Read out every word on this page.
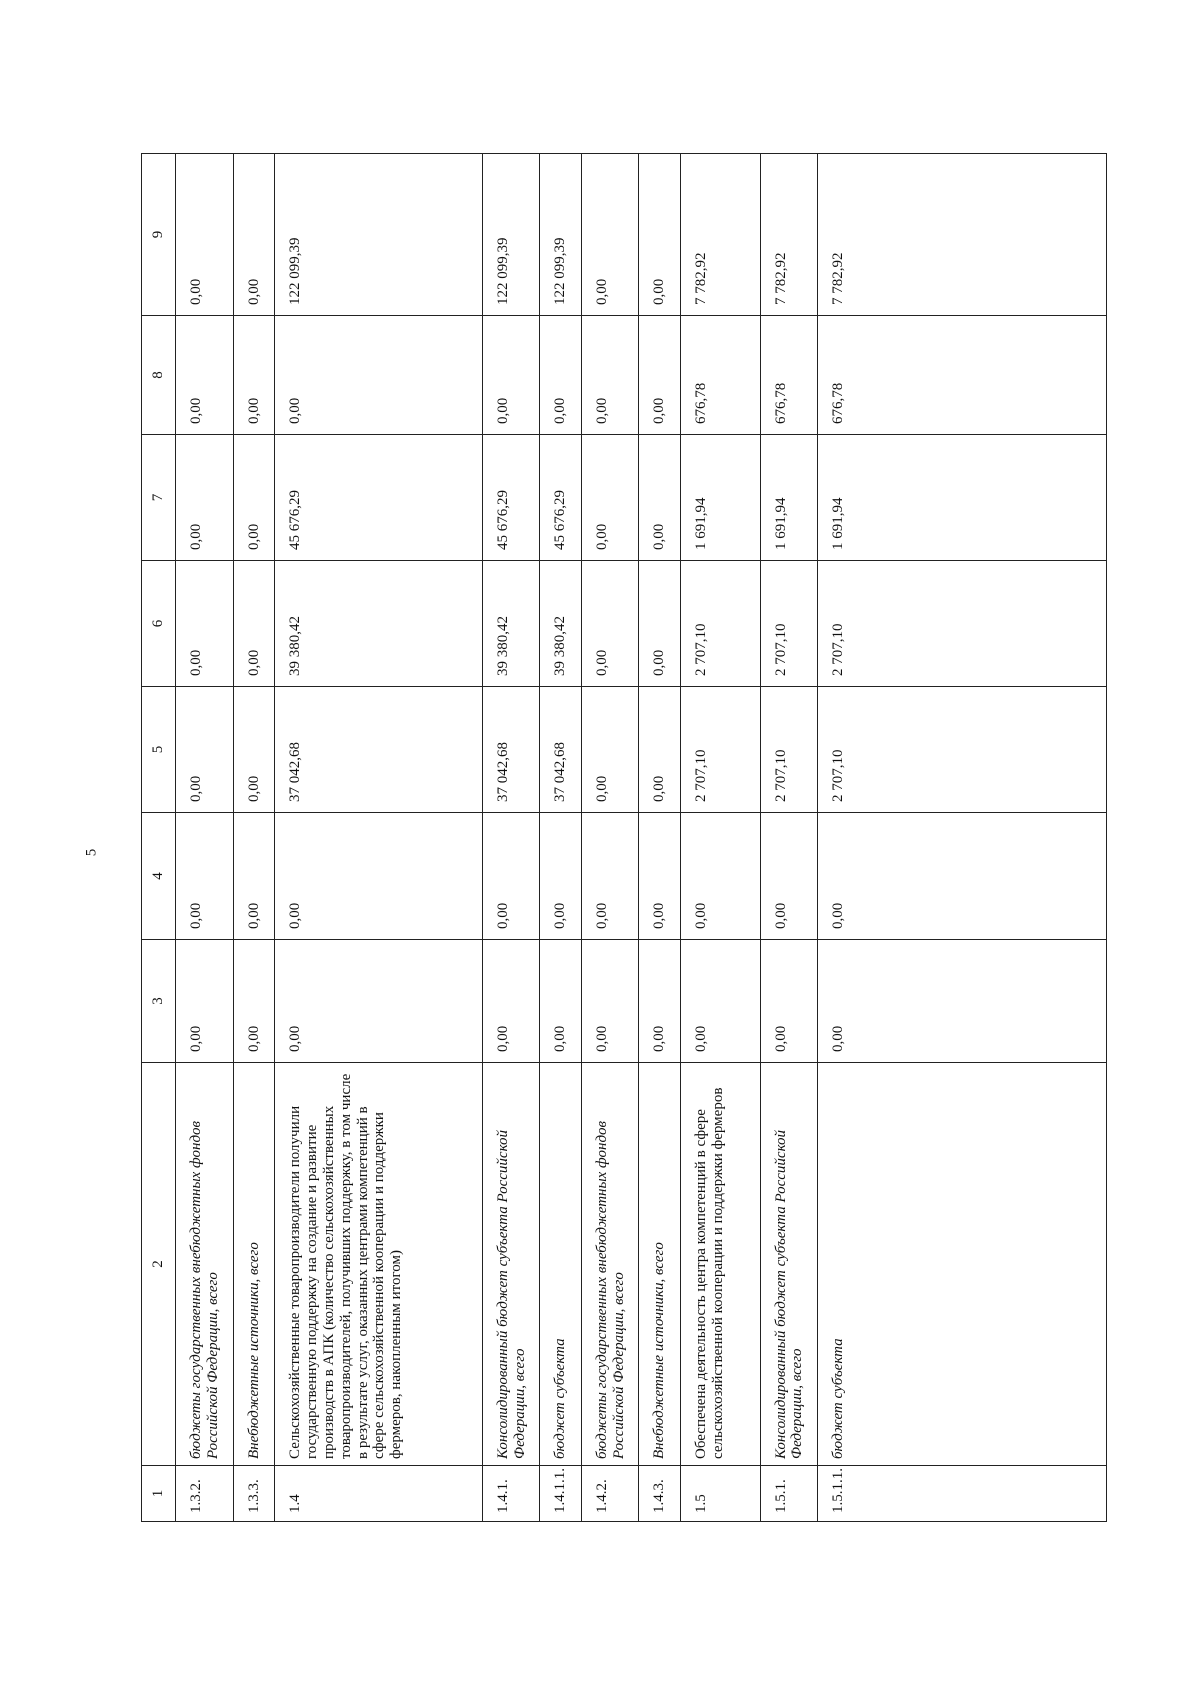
5
1	2	3	4	5	6	7	8	9
1.3.2.	бюджеты государственных внебюджетных фондов Российской Федерации, всего	0,00	0,00	0,00	0,00	0,00	0,00	0,00
1.3.3.	Внебюджетные источники, всего	0,00	0,00	0,00	0,00	0,00	0,00	0,00
1.4	Сельскохозяйственные товаропроизводители получили государственную поддержку на создание и развитие производств в АПК (количество сельскохозяйственных товаропроизводителей, получивших поддержку, в том числе в результате услуг, оказанных центрами компетенций в сфере сельскохозяйственной кооперации и поддержки фермеров, накопленным итогом)	0,00	0,00	37 042,68	39 380,42	45 676,29	0,00	122 099,39
1.4.1.	Консолидированный бюджет субъекта Российской Федерации, всего	0,00	0,00	37 042,68	39 380,42	45 676,29	0,00	122 099,39
1.4.1.1.	бюджет субъекта	0,00	0,00	37 042,68	39 380,42	45 676,29	0,00	122 099,39
1.4.2.	бюджеты государственных внебюджетных фондов Российской Федерации, всего	0,00	0,00	0,00	0,00	0,00	0,00	0,00
1.4.3.	Внебюджетные источники, всего	0,00	0,00	0,00	0,00	0,00	0,00	0,00
1.5	Обеспечена деятельность центра компетенций в сфере сельскохозяйственной кооперации и поддержки фермеров	0,00	0,00	2 707,10	2 707,10	1 691,94	676,78	7 782,92
1.5.1.	Консолидированный бюджет субъекта Российской Федерации, всего	0,00	0,00	2 707,10	2 707,10	1 691,94	676,78	7 782,92
1.5.1.1.	бюджет субъекта	0,00	0,00	2 707,10	2 707,10	1 691,94	676,78	7 782,92
